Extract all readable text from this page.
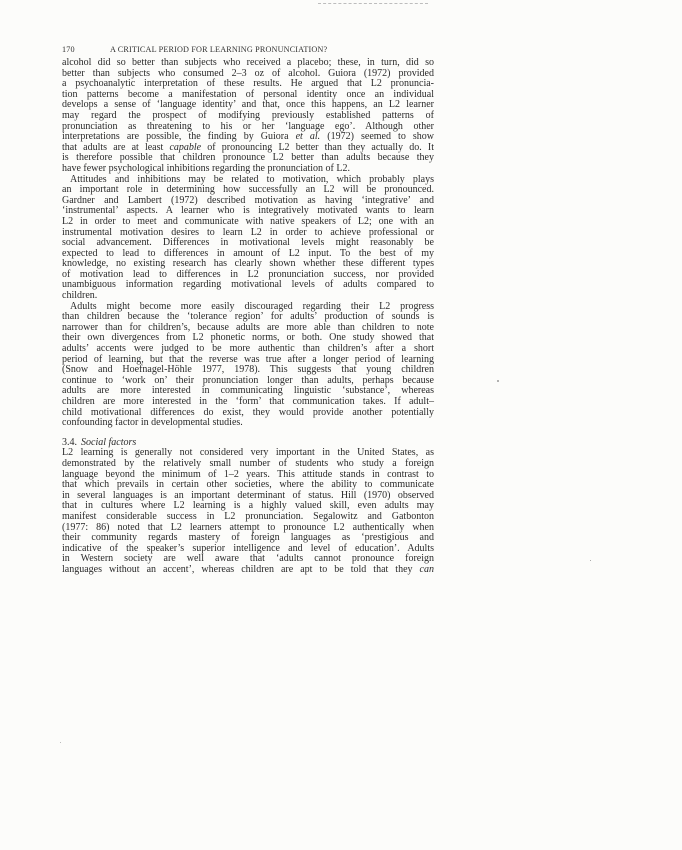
170	A CRITICAL PERIOD FOR LEARNING PRONUNCIATION?
alcohol did so better than subjects who received a placebo; these, in turn, did so
better than subjects who consumed 2–3 oz of alcohol. Guiora (1972) provided
a psychoanalytic interpretation of these results. He argued that L2 pronuncia-
tion patterns become a manifestation of personal identity once an individual
develops a sense of ‘language identity’ and that, once this happens, an L2 learner
may regard the prospect of modifying previously established patterns of
pronunciation as threatening to his or her ‘language ego’. Although other
interpretations are possible, the finding by Guiora et al. (1972) seemed to show
that adults are at least capable of pronouncing L2 better than they actually do. It
is therefore possible that children pronounce L2 better than adults because they
have fewer psychological inhibitions regarding the pronunciation of L2.
Attitudes and inhibitions may be related to motivation, which probably plays
an important role in determining how successfully an L2 will be pronounced.
Gardner and Lambert (1972) described motivation as having ‘integrative’ and
‘instrumental’ aspects. A learner who is integratively motivated wants to learn
L2 in order to meet and communicate with native speakers of L2; one with an
instrumental motivation desires to learn L2 in order to achieve professional or
social advancement. Differences in motivational levels might reasonably be
expected to lead to differences in amount of L2 input. To the best of my
knowledge, no existing research has clearly shown whether these different types
of motivation lead to differences in L2 pronunciation success, nor provided
unambiguous information regarding motivational levels of adults compared to
children.
Adults might become more easily discouraged regarding their L2 progress
than children because the ‘tolerance region’ for adults’ production of sounds is
narrower than for children’s, because adults are more able than children to note
their own divergences from L2 phonetic norms, or both. One study showed that
adults’ accents were judged to be more authentic than children’s after a short
period of learning, but that the reverse was true after a longer period of learning
(Snow and Hoefnagel-Höhle 1977, 1978). This suggests that young children
continue to ‘work on’ their pronunciation longer than adults, perhaps because
adults are more interested in communicating linguistic ‘substance’, whereas
children are more interested in the ‘form’ that communication takes. If adult–
child motivational differences do exist, they would provide another potentially
confounding factor in developmental studies.
3.4. Social factors
L2 learning is generally not considered very important in the United States, as
demonstrated by the relatively small number of students who study a foreign
language beyond the minimum of 1–2 years. This attitude stands in contrast to
that which prevails in certain other societies, where the ability to communicate
in several languages is an important determinant of status. Hill (1970) observed
that in cultures where L2 learning is a highly valued skill, even adults may
manifest considerable success in L2 pronunciation. Segalowitz and Gatbonton
(1977: 86) noted that L2 learners attempt to pronounce L2 authentically when
their community regards mastery of foreign languages as ‘prestigious and
indicative of the speaker’s superior intelligence and level of education’. Adults
in Western society are well aware that ‘adults cannot pronounce foreign
languages without an accent’, whereas children are apt to be told that they can
